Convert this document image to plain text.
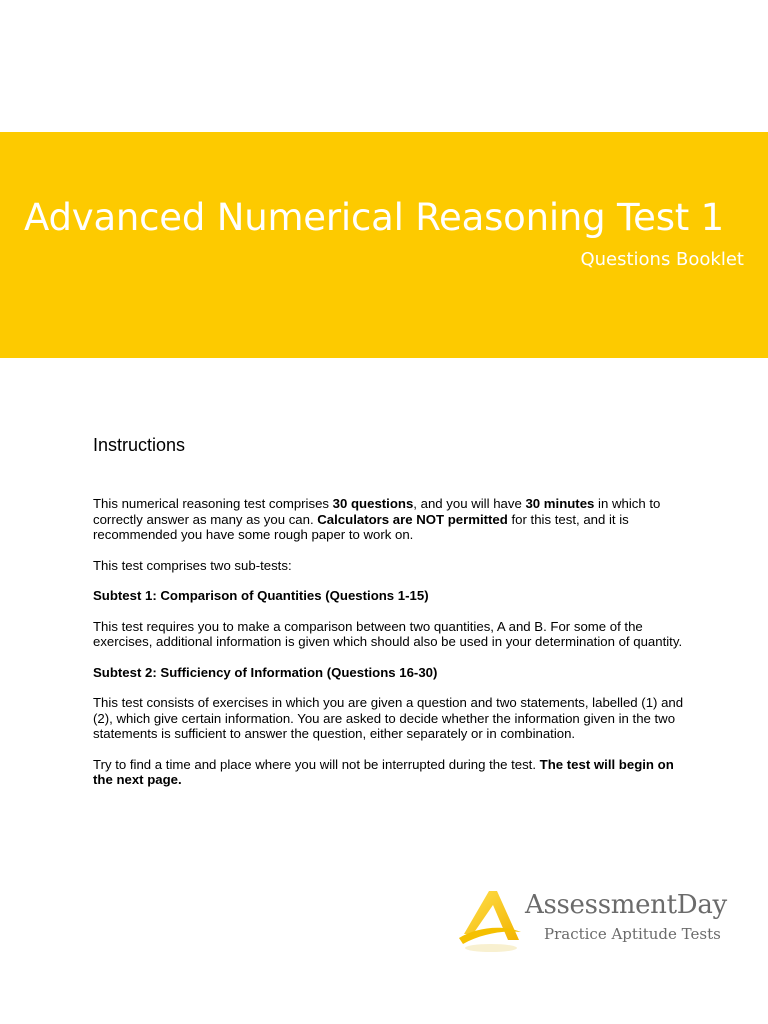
Advanced Numerical Reasoning Test 1
Questions Booklet
Instructions

This numerical reasoning test comprises 30 questions, and you will have 30 minutes in which to correctly answer as many as you can. Calculators are NOT permitted for this test, and it is recommended you have some rough paper to work on.

This test comprises two sub-tests:

Subtest 1: Comparison of Quantities (Questions 1-15)

This test requires you to make a comparison between two quantities, A and B. For some of the exercises, additional information is given which should also be used in your determination of quantity.

Subtest 2: Sufficiency of Information (Questions 16-30)

This test consists of exercises in which you are given a question and two statements, labelled (1) and (2), which give certain information. You are asked to decide whether the information given in the two statements is sufficient to answer the question, either separately or in combination.

Try to find a time and place where you will not be interrupted during the test. The test will begin on the next page.

AssessmentDay
Practice Aptitude Tests
